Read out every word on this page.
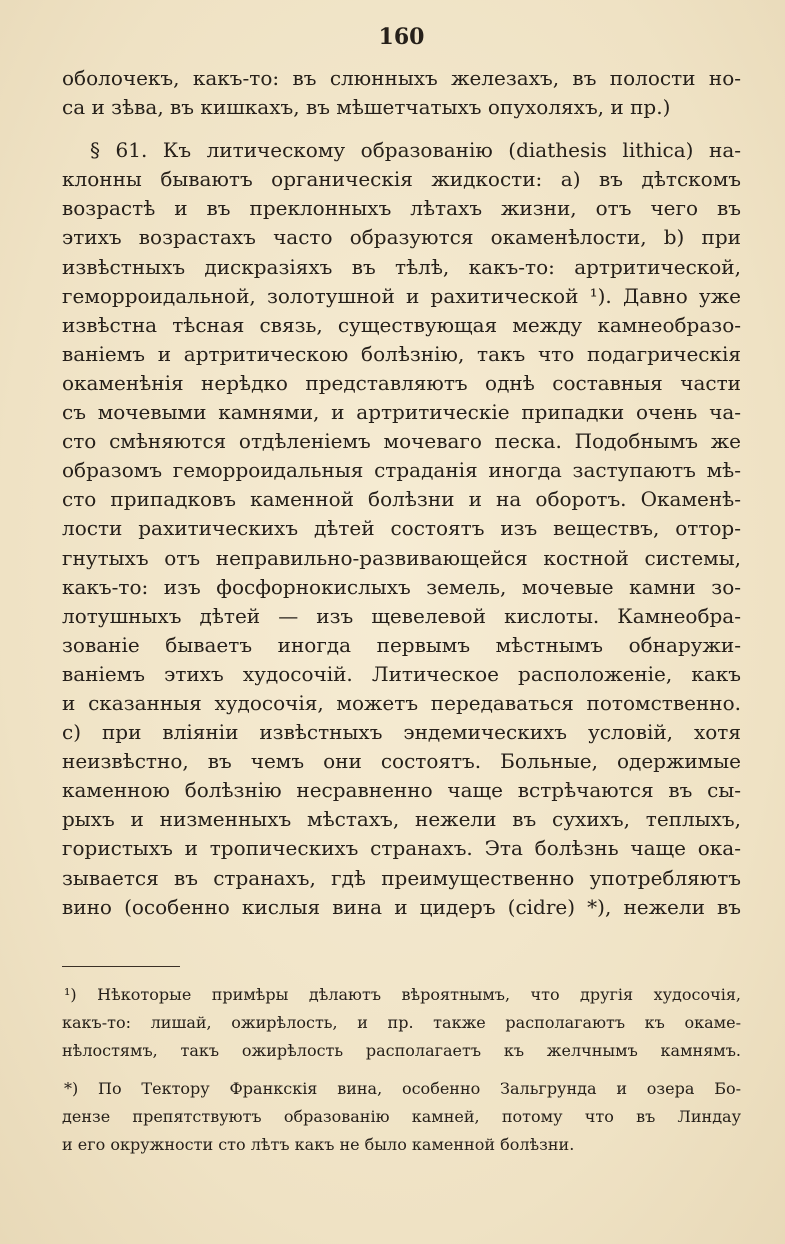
160
оболочекъ, какъ-то: въ слюнныхъ железахъ, въ полости но-
са и зѣва, въ кишкахъ, въ мѣшетчатыхъ опухоляхъ, и пр.)
§ 61. Къ литическому образованію (diathesis lithica) на-
клонны бываютъ органическія жидкости: a) въ дѣтскомъ
возрастѣ и въ преклонныхъ лѣтахъ жизни, отъ чего въ
этихъ возрастахъ часто образуются окаменѣлости, b) при
извѣстныхъ дискразіяхъ въ тѣлѣ, какъ-то: артритической,
геморроидальной, золотушной и рахитической ¹). Давно уже
извѣстна тѣсная связь, существующая между камнеобразо-
ваніемъ и артритическою болѣзнію, такъ что подагрическія
окаменѣнія нерѣдко представляютъ однѣ составныя части
съ мочевыми камнями, и артритическіе припадки очень ча-
сто смѣняются отдѣленіемъ мочеваго песка. Подобнымъ же
образомъ геморроидальныя страданія иногда заступаютъ мѣ-
сто припадковъ каменной болѣзни и на оборотъ. Окаменѣ-
лости рахитическихъ дѣтей состоятъ изъ веществъ, оттор-
гнутыхъ отъ неправильно-развивающейся костной системы,
какъ-то: изъ фосфорнокислыхъ земель, мочевые камни зо-
лотушныхъ дѣтей — изъ щевелевой кислоты. Камнеобра-
зованіе бываетъ иногда первымъ мѣстнымъ обнаружи-
ваніемъ этихъ худосочій. Литическое расположеніе, какъ
и сказанныя худосочія, можетъ передаваться потомственно.
c) при вліяніи извѣстныхъ эндемическихъ условій, хотя
неизвѣстно, въ чемъ они состоятъ. Больные, одержимые
каменною болѣзнію несравненно чаще встрѣчаются въ сы-
рыхъ и низменныхъ мѣстахъ, нежели въ сухихъ, теплыхъ,
гористыхъ и тропическихъ странахъ. Эта болѣзнь чаще ока-
зывается въ странахъ, гдѣ преимущественно употребляютъ
вино (особенно кислыя вина и цидеръ (cidre) *), нежели въ
¹) Нѣкоторые примѣры дѣлаютъ вѣроятнымъ, что другія худосочія,
какъ-то: лишай, ожирѣлость, и пр. также располагаютъ къ окаме-
нѣлостямъ, такъ ожирѣлость располагаетъ къ желчнымъ камнямъ.
*) По Тектору Франкскія вина, особенно Зальгрунда и озера Бо-
дензе препятствуютъ образованію камней, потому что въ Линдау
и его окружности сто лѣтъ какъ не было каменной болѣзни.
